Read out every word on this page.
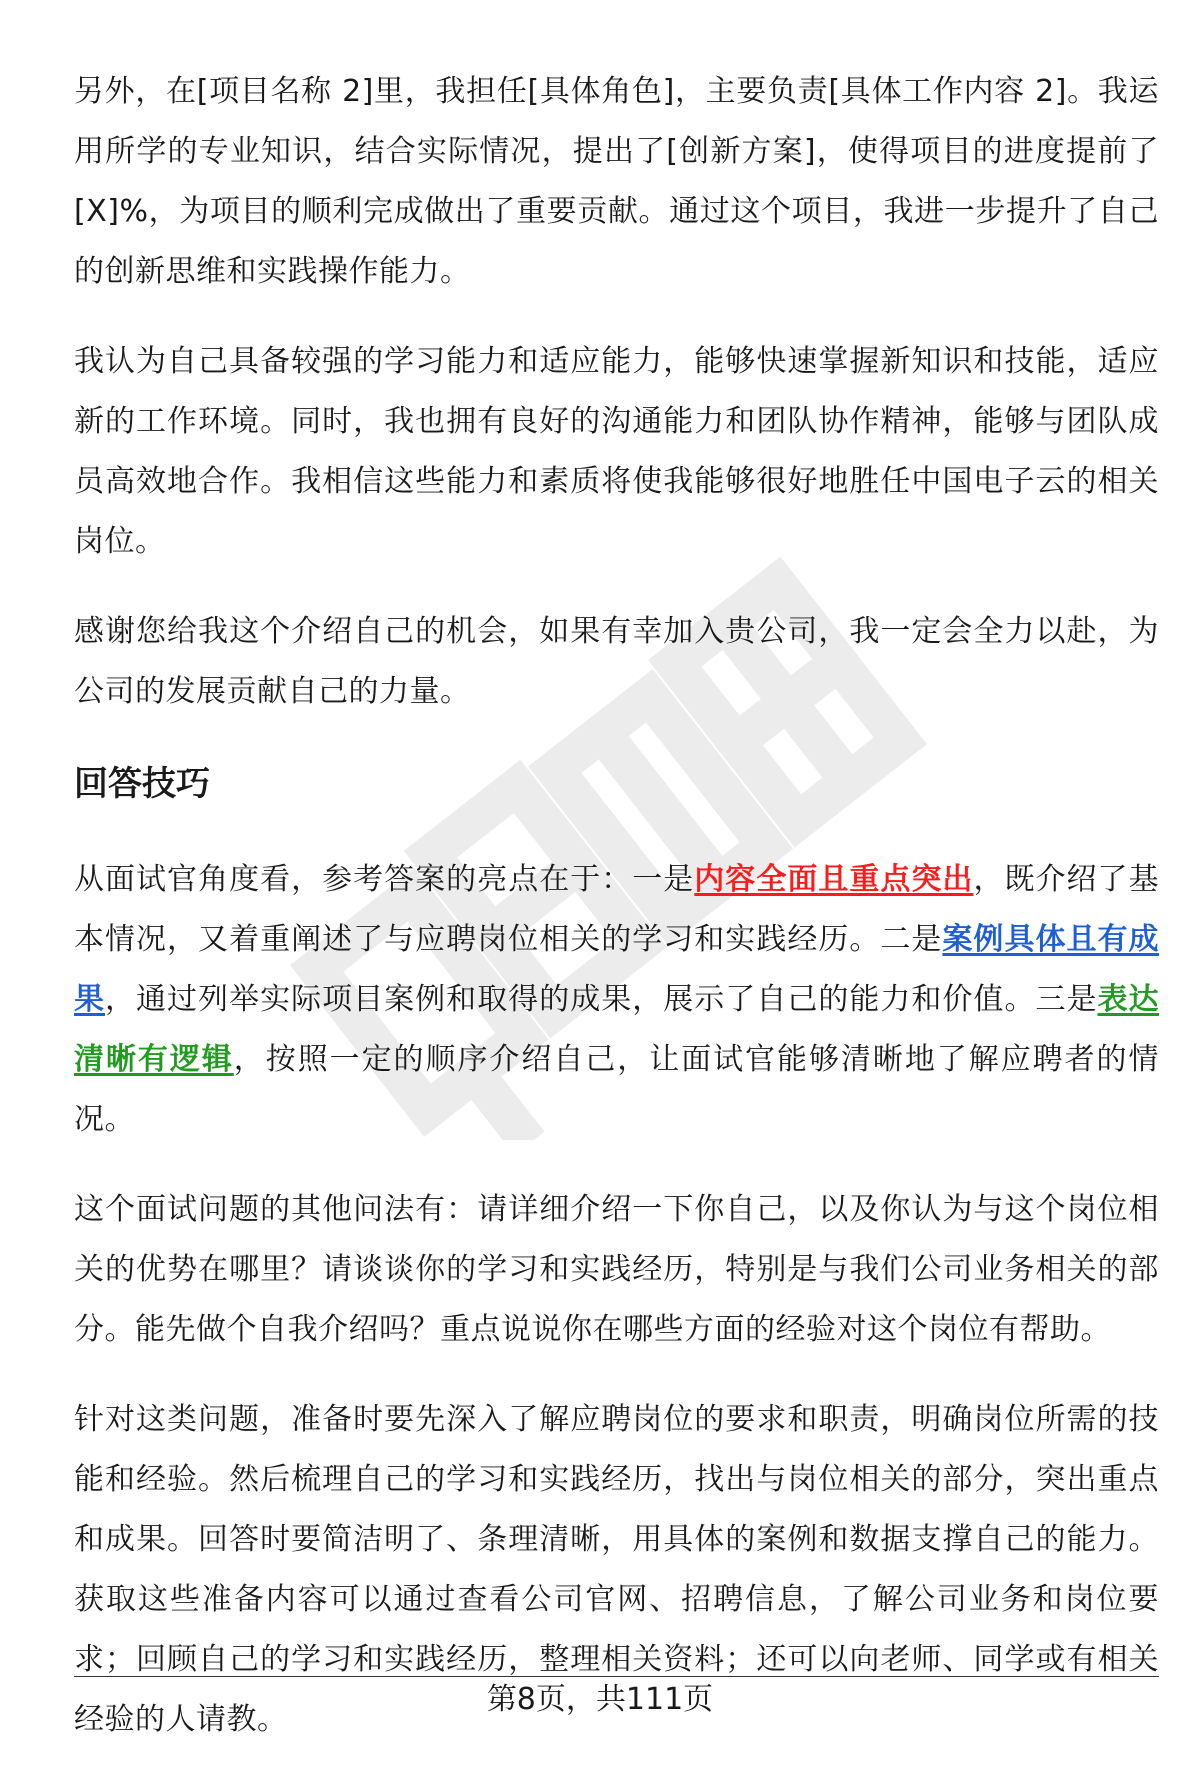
另外，在[项目名称 2]里，我担任[具体角色]，主要负责[具体工作内容 2]。我运用所学的专业知识，结合实际情况，提出了[创新方案]，使得项目的进度提前了[X]%，为项目的顺利完成做出了重要贡献。通过这个项目，我进一步提升了自己的创新思维和实践操作能力。

我认为自己具备较强的学习能力和适应能力，能够快速掌握新知识和技能，适应新的工作环境。同时，我也拥有良好的沟通能力和团队协作精神，能够与团队成员高效地合作。我相信这些能力和素质将使我能够很好地胜任中国电子云的相关岗位。

感谢您给我这个介绍自己的机会，如果有幸加入贵公司，我一定会全力以赴，为公司的发展贡献自己的力量。

回答技巧

从面试官角度看，参考答案的亮点在于：一是内容全面且重点突出，既介绍了基本情况，又着重阐述了与应聘岗位相关的学习和实践经历。二是案例具体且有成果，通过列举实际项目案例和取得的成果，展示了自己的能力和价值。三是表达清晰有逻辑，按照一定的顺序介绍自己，让面试官能够清晰地了解应聘者的情况。

这个面试问题的其他问法有：请详细介绍一下你自己，以及你认为与这个岗位相关的优势在哪里？请谈谈你的学习和实践经历，特别是与我们公司业务相关的部分。能先做个自我介绍吗？重点说说你在哪些方面的经验对这个岗位有帮助。

针对这类问题，准备时要先深入了解应聘岗位的要求和职责，明确岗位所需的技能和经验。然后梳理自己的学习和实践经历，找出与岗位相关的部分，突出重点和成果。回答时要简洁明了、条理清晰，用具体的案例和数据支撑自己的能力。获取这些准备内容可以通过查看公司官网、招聘信息，了解公司业务和岗位要求；回顾自己的学习和实践经历，整理相关资料；还可以向老师、同学或有相关经验的人请教。

第8页，共111页
